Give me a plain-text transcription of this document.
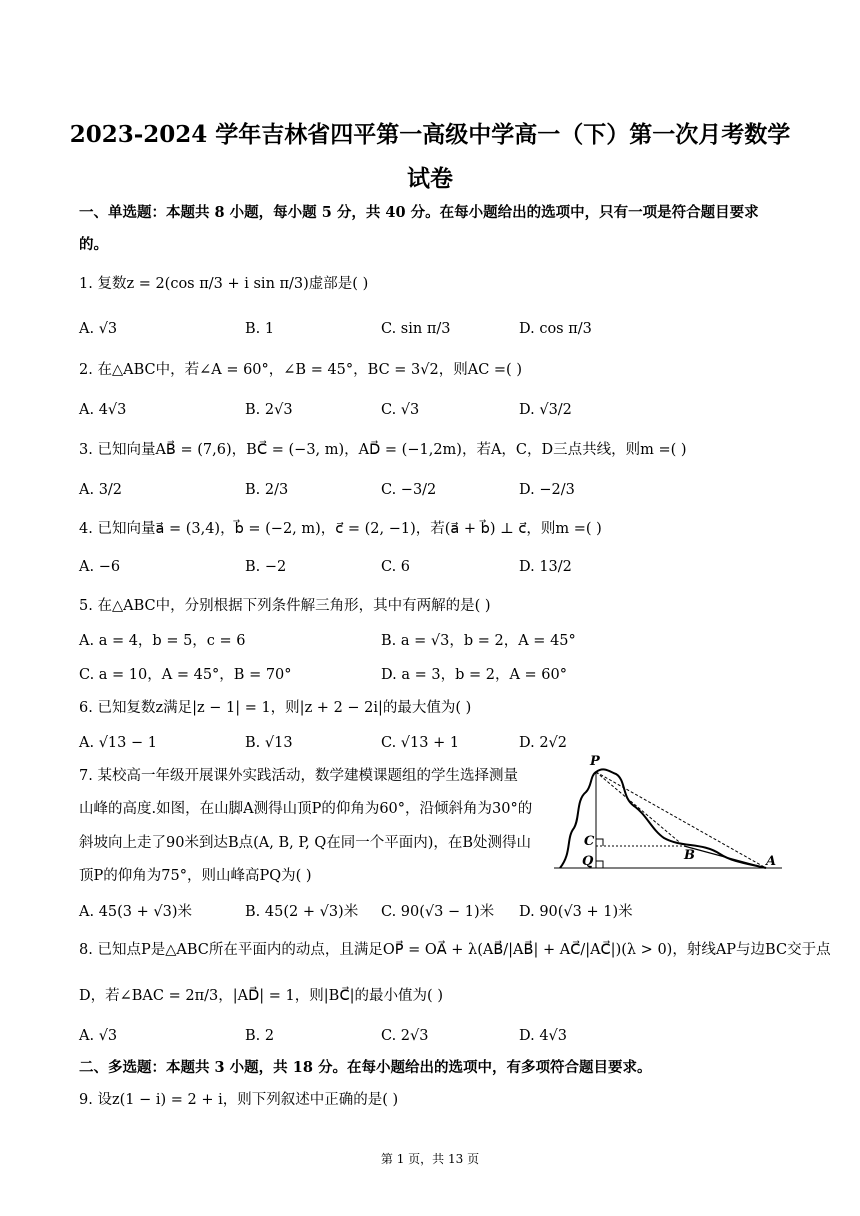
2023-2024 学年吉林省四平第一高级中学高一（下）第一次月考数学
试卷
一、单选题：本题共 8 小题，每小题 5 分，共 40 分。在每小题给出的选项中，只有一项是符合题目要求
的。
1. 复数z = 2(cos π/3 + i sin π/3)虚部是( )
A. √3	B. 1	C. sin π/3	D. cos π/3
2. 在△ABC中，若∠A = 60°，∠B = 45°，BC = 3√2，则AC =( )
A. 4√3	B. 2√3	C. √3	D. √3/2
3. 已知向量AB⃗ = (7,6)，BC⃗ = (−3, m)，AD⃗ = (−1,2m)，若A，C，D三点共线，则m =( )
A. 3/2	B. 2/3	C. −3/2	D. −2/3
4. 已知向量a⃗ = (3,4)，b⃗ = (−2, m)，c⃗ = (2, −1)，若(a⃗ + b⃗) ⊥ c⃗，则m =( )
A. −6	B. −2	C. 6	D. 13/2
5. 在△ABC中，分别根据下列条件解三角形，其中有两解的是( )
A. a = 4，b = 5，c = 6	B. a = √3，b = 2，A = 45°
C. a = 10，A = 45°，B = 70°	D. a = 3，b = 2，A = 60°
6. 已知复数z满足|z − 1| = 1，则|z + 2 − 2i|的最大值为( )
A. √13 − 1	B. √13	C. √13 + 1	D. 2√2
7. 某校高一年级开展课外实践活动，数学建模课题组的学生选择测量
山峰的高度.如图，在山脚A测得山顶P的仰角为60°，沿倾斜角为30°的
斜坡向上走了90米到达B点(A, B, P, Q在同一个平面内)，在B处测得山
顶P的仰角为75°，则山峰高PQ为( )
P
C
Q	B	A
A. 45(3 + √3)米	B. 45(2 + √3)米 C. 90(√3 − 1)米 D. 90(√3 + 1)米
8. 已知点P是△ABC所在平面内的动点，且满足OP⃗ = OA⃗ + λ(AB⃗/|AB⃗| + AC⃗/|AC⃗|)(λ > 0)，射线AP与边BC交于点
D，若∠BAC = 2π/3，|AD⃗| = 1，则|BC⃗|的最小值为( )
A. √3	B. 2	C. 2√3	D. 4√3
二、多选题：本题共 3 小题，共 18 分。在每小题给出的选项中，有多项符合题目要求。
9. 设z(1 − i) = 2 + i，则下列叙述中正确的是( )
第 1 页，共 13 页
